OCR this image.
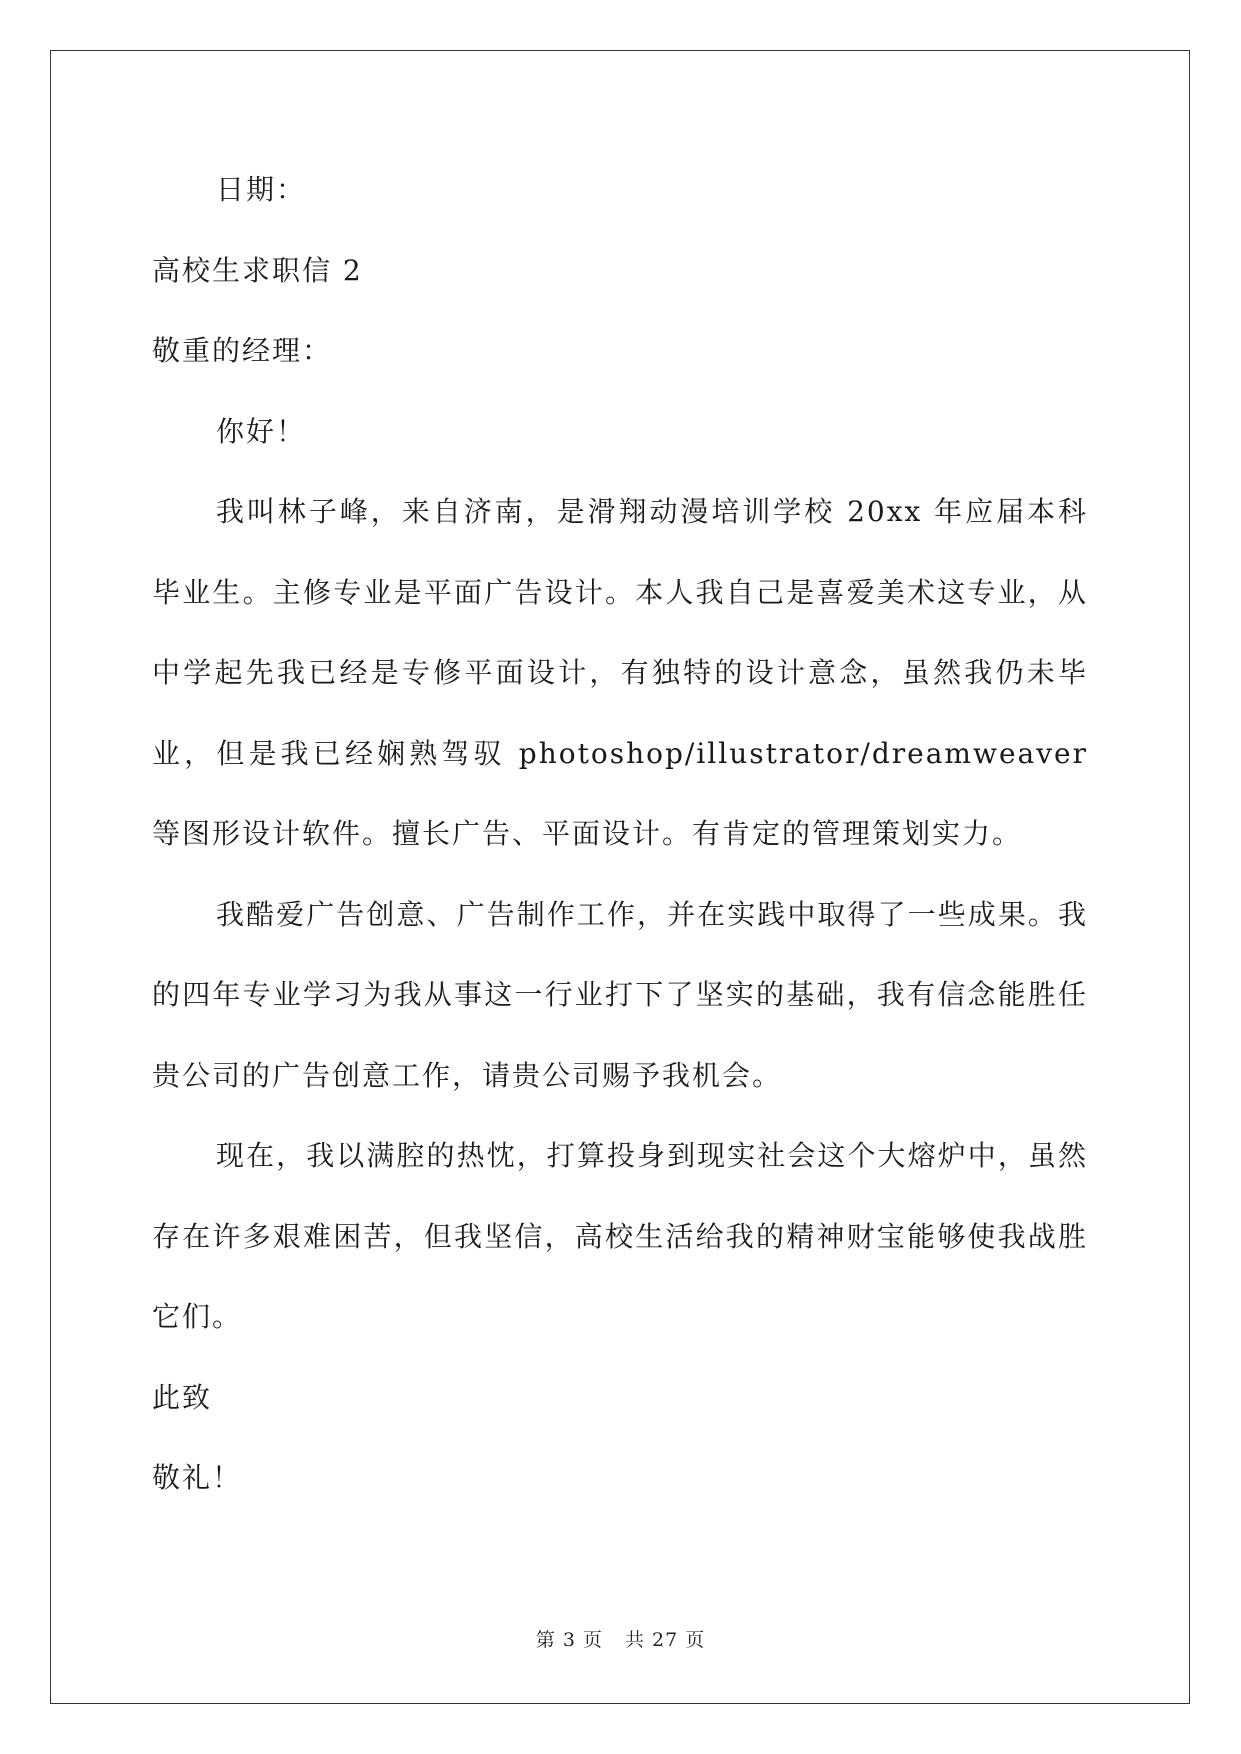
日期：
高校生求职信 2
敬重的经理：
你好！
我叫林子峰，来自济南，是滑翔动漫培训学校 20xx 年应届本科毕业生。主修专业是平面广告设计。本人我自己是喜爱美术这专业，从中学起先我已经是专修平面设计，有独特的设计意念，虽然我仍未毕业，但是我已经娴熟驾驭 photoshop/illustrator/dreamweaver 等图形设计软件。擅长广告、平面设计。有肯定的管理策划实力。
我酷爱广告创意、广告制作工作，并在实践中取得了一些成果。我的四年专业学习为我从事这一行业打下了坚实的基础，我有信念能胜任贵公司的广告创意工作，请贵公司赐予我机会。
现在，我以满腔的热忱，打算投身到现实社会这个大熔炉中，虽然存在许多艰难困苦，但我坚信，高校生活给我的精神财宝能够使我战胜它们。
此致
敬礼！
第 3 页 共 27 页
